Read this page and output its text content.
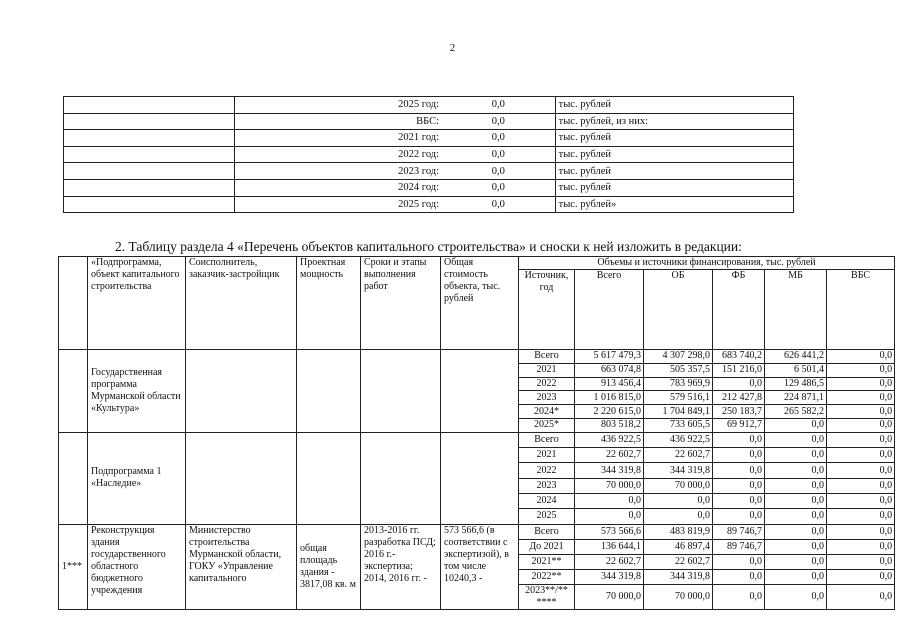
2
	2025 год:	0,0	тыс. рублей
	ВБС:	0,0	тыс. рублей, из них:
	2021 год:	0,0	тыс. рублей
	2022 год:	0,0	тыс. рублей
	2023 год:	0,0	тыс. рублей
	2024 год:	0,0	тыс. рублей
	2025 год:	0,0	тыс. рублей»
2. Таблицу раздела 4 «Перечень объектов капитального строительства» и сноски к ней изложить в редакции:
	«Подпрограмма, объект капитального строительства	Соисполнитель, заказчик-застройщик	Проектная мощность	Сроки и этапы выполнения работ	Общая стоимость объекта, тыс. рублей	Объемы и источники финансирования, тыс. рублей					
						Источник, год	Всего	ОБ	ФБ	МБ	ВБС
	Государственная программа Мурманской области «Культура»					Всего	5 617 479,3	4 307 298,0	683 740,2	626 441,2	0,0
						2021	663 074,8	505 357,5	151 216,0	6 501,4	0,0
						2022	913 456,4	783 969,9	0,0	129 486,5	0,0
						2023	1 016 815,0	579 516,1	212 427,8	224 871,1	0,0
						2024*	2 220 615,0	1 704 849,1	250 183,7	265 582,2	0,0
						2025*	803 518,2	733 605,5	69 912,7	0,0	0,0
	Подпрограмма 1 «Наследие»					Всего	436 922,5	436 922,5	0,0	0,0	0,0
						2021	22 602,7	22 602,7	0,0	0,0	0,0
						2022	344 319,8	344 319,8	0,0	0,0	0,0
						2023	70 000,0	70 000,0	0,0	0,0	0,0
						2024	0,0	0,0	0,0	0,0	0,0
						2025	0,0	0,0	0,0	0,0	0,0
1***	Реконструкция здания государственного областного бюджетного учреждения	Министерство строительства Мурманской области, ГОКУ «Управление капитального	общая площадь здания - 3817,08 кв. м	2013-2016 гг. разработка ПСД; 2016 г.- экспертиза; 2014, 2016 гг. -	573 566,6 (в соответствии с экспертизой), в том числе 10240,3 -	Всего	573 566,6	483 819,9	89 746,7	0,0	0,0
						До 2021	136 644,1	46 897,4	89 746,7	0,0	0,0
						2021**	22 602,7	22 602,7	0,0	0,0	0,0
						2022**	344 319,8	344 319,8	0,0	0,0	0,0
						2023**/** ****	70 000,0	70 000,0	0,0	0,0	0,0
